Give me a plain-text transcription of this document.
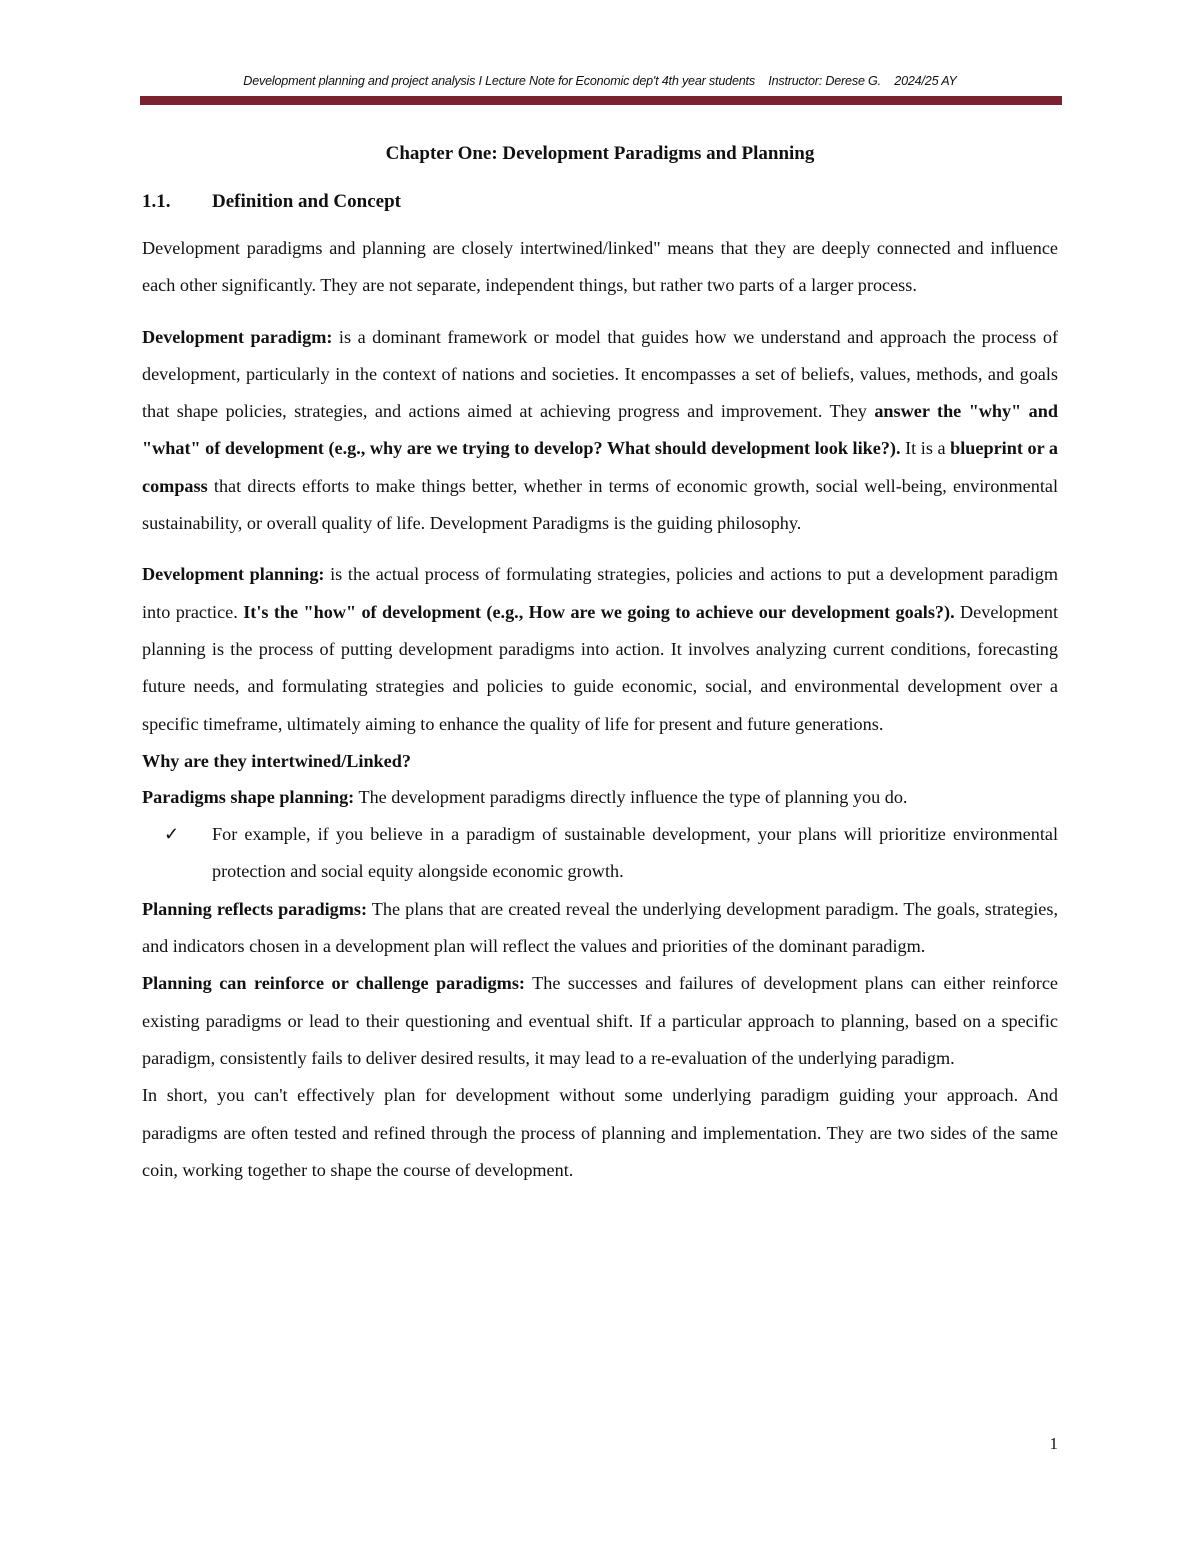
Development planning and project analysis I Lecture Note for Economic dep't 4th year students Instructor: Derese G. 2024/25 AY
Chapter One: Development Paradigms and Planning
1.1.	Definition and Concept

Development paradigms and planning are closely intertwined/linked" means that they are deeply connected and influence each other significantly. They are not separate, independent things, but rather two parts of a larger process.

Development paradigm: is a dominant framework or model that guides how we understand and approach the process of development, particularly in the context of nations and societies. It encompasses a set of beliefs, values, methods, and goals that shape policies, strategies, and actions aimed at achieving progress and improvement. They answer the "why" and "what" of development (e.g., why are we trying to develop? What should development look like?). It is a blueprint or a compass that directs efforts to make things better, whether in terms of economic growth, social well-being, environmental sustainability, or overall quality of life. Development Paradigms is the guiding philosophy.

Development planning: is the actual process of formulating strategies, policies and actions to put a development paradigm into practice. It's the "how" of development (e.g., How are we going to achieve our development goals?). Development planning is the process of putting development paradigms into action. It involves analyzing current conditions, forecasting future needs, and formulating strategies and policies to guide economic, social, and environmental development over a specific timeframe, ultimately aiming to enhance the quality of life for present and future generations.

Why are they intertwined/Linked?

Paradigms shape planning: The development paradigms directly influence the type of planning you do.

✓	For example, if you believe in a paradigm of sustainable development, your plans will prioritize environmental protection and social equity alongside economic growth.

Planning reflects paradigms: The plans that are created reveal the underlying development paradigm. The goals, strategies, and indicators chosen in a development plan will reflect the values and priorities of the dominant paradigm.

Planning can reinforce or challenge paradigms: The successes and failures of development plans can either reinforce existing paradigms or lead to their questioning and eventual shift. If a particular approach to planning, based on a specific paradigm, consistently fails to deliver desired results, it may lead to a re-evaluation of the underlying paradigm.

In short, you can't effectively plan for development without some underlying paradigm guiding your approach. And paradigms are often tested and refined through the process of planning and implementation. They are two sides of the same coin, working together to shape the course of development.

1
